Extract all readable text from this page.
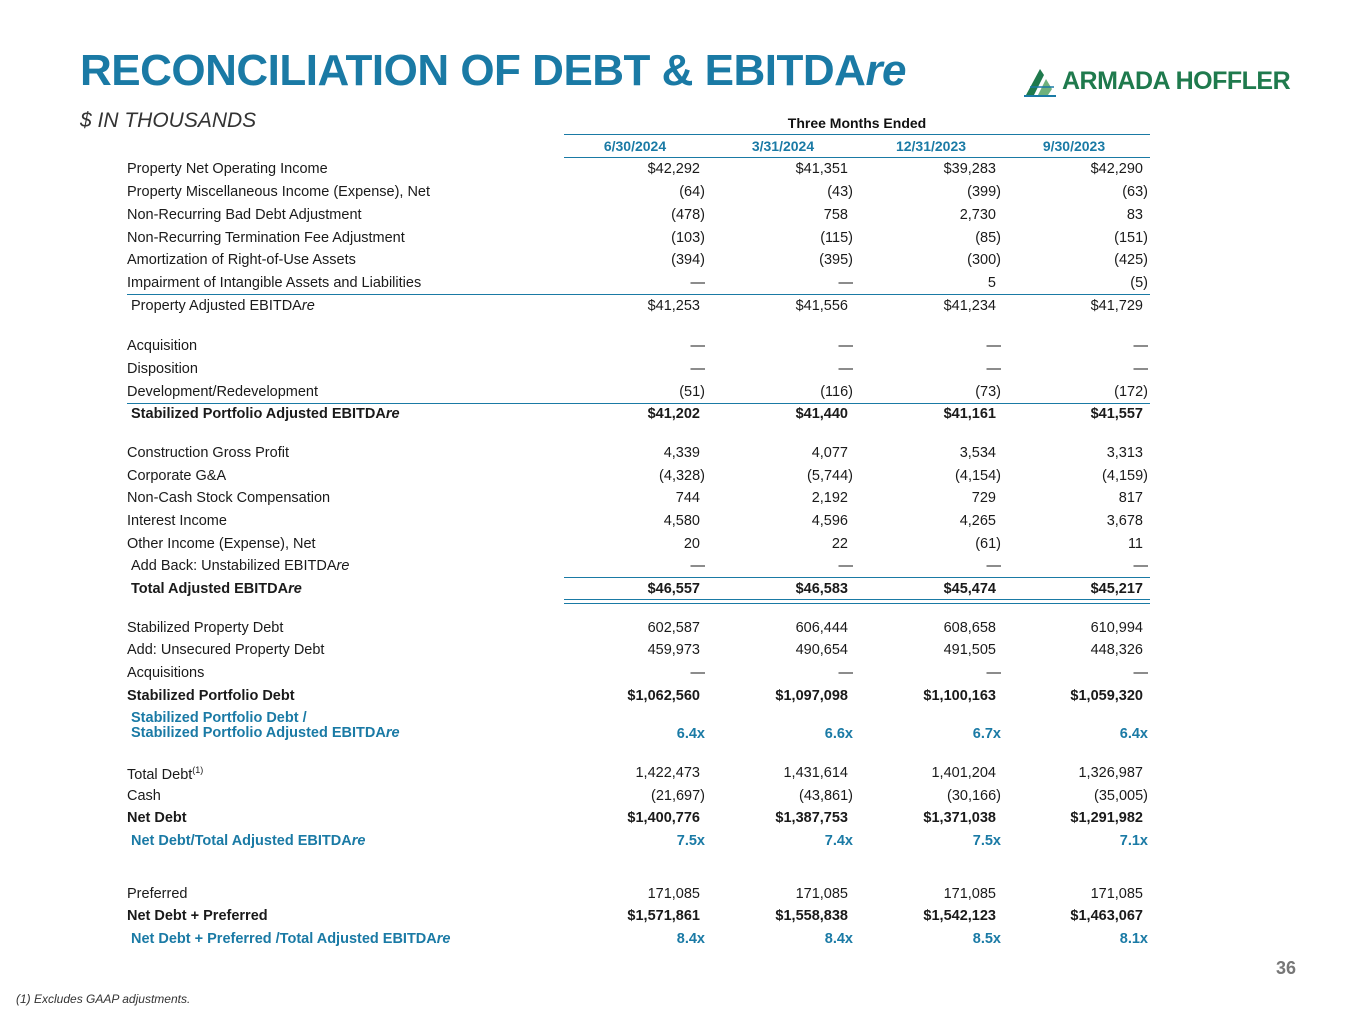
RECONCILIATION OF DEBT & EBITDAre
$ IN THOUSANDS
ARMADA HOFFLER
Three Months Ended
6/30/2024	3/31/2024	12/31/2023	9/30/2023
Property Net Operating Income	$42,292	$41,351	$39,283	$42,290
Property Miscellaneous Income (Expense), Net	(64)	(43)	(399)	(63)
Non-Recurring Bad Debt Adjustment	(478)	758	2,730	83
Non-Recurring Termination Fee Adjustment	(103)	(115)	(85)	(151)
Amortization of Right-of-Use Assets	(394)	(395)	(300)	(425)
Impairment of Intangible Assets and Liabilities	—	—	5	(5)
Property Adjusted EBITDAre	$41,253	$41,556	$41,234	$41,729
Acquisition	—	—	—	—
Disposition	—	—	—	—
Development/Redevelopment	(51)	(116)	(73)	(172)
Stabilized Portfolio Adjusted EBITDAre	$41,202	$41,440	$41,161	$41,557
Construction Gross Profit	4,339	4,077	3,534	3,313
Corporate G&A	(4,328)	(5,744)	(4,154)	(4,159)
Non-Cash Stock Compensation	744	2,192	729	817
Interest Income	4,580	4,596	4,265	3,678
Other Income (Expense), Net	20	22	(61)	11
Add Back: Unstabilized EBITDAre	—	—	—	—
Total Adjusted EBITDAre	$46,557	$46,583	$45,474	$45,217
Stabilized Property Debt	602,587	606,444	608,658	610,994
Add: Unsecured Property Debt	459,973	490,654	491,505	448,326
Acquisitions	—	—	—	—
Stabilized Portfolio Debt	$1,062,560	$1,097,098	$1,100,163	$1,059,320
Stabilized Portfolio Debt /
Stabilized Portfolio Adjusted EBITDAre	6.4x	6.6x	6.7x	6.4x
Total Debt$^{(1)}$	1,422,473	1,431,614	1,401,204	1,326,987
Cash	(21,697)	(43,861)	(30,166)	(35,005)
Net Debt	$1,400,776	$1,387,753	$1,371,038	$1,291,982
Net Debt/Total Adjusted EBITDAre	7.5x	7.4x	7.5x	7.1x
Preferred	171,085	171,085	171,085	171,085
Net Debt + Preferred	$1,571,861	$1,558,838	$1,542,123	$1,463,067
Net Debt + Preferred /Total Adjusted EBITDAre	8.4x	8.4x	8.5x	8.1x
36
(1) Excludes GAAP adjustments.
